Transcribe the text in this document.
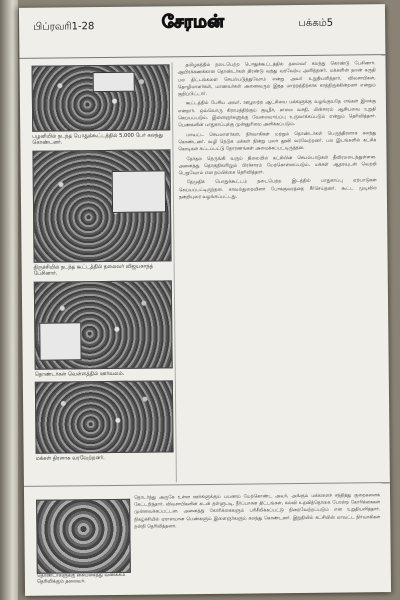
பிப்ரவரி1-28	சேரமன்	பக்கம்5
பழனியில் நடந்த பொதுக்கூட்டத்தில் 5,000 பேர் கலந்து கொண்டனர்.
திருச்சியில் நடந்த கூட்டத்தில் தலைவர் விஜயகாந்த் பேசினார்.
தொண்டர்கள் வெள்ளத்தில் ஊர்வலம்.
மக்கள் திரளாக வரவேற்றனர்.

தமிழகத்தில் நடைபெற்ற பொதுக்கூட்டத்தில் தலைவர் கலந்து கொண்டு பேசினார். ஆயிரக்கணக்கான தொண்டர்கள் திரண்டு வந்து வரவேற்பு அளித்தனர். மக்களின் நலன் கருதி பல திட்டங்களை செயல்படுத்துவோம் என்று அவர் உறுதியளித்தார். விவசாயிகள், தொழிலாளர்கள், மாணவர்கள் அனைவரும் இந்த மாற்றத்திற்காக காத்திருக்கின்றனர் என்றும் குறிப்பிட்டார்.

கூட்டத்தில் பேசிய அவர், ஊழலற்ற ஆட்சியை மக்களுக்கு வழங்குவதே எங்கள் இலக்கு என்றார். ஒவ்வொரு கிராமத்திற்கும் குடிநீர், சாலை வசதி, மின்சாரம் ஆகியவை உறுதி செய்யப்படும். இளைஞர்களுக்கு வேலைவாய்ப்பு உருவாக்கப்படும் என்றும் தெரிவித்தார். பெண்களின் பாதுகாப்புக்கு முன்னுரிமை அளிக்கப்படும்.

மாவட்ட செயலாளர்கள், நிர்வாகிகள் மற்றும் தொண்டர்கள் பெருந்திரளாக கலந்து கொண்டனர். வழி நெடுக மக்கள் நின்று மலர் தூவி வரவேற்றனர். பல இடங்களில் கட்சிக் கொடிகள் கட்டப்பட்டு தோரணங்கள் அமைக்கப்பட்டிருந்தன.

தேர்தல் நெருங்கி வரும் நிலையில் கட்சியின் செயல்பாடுகள் தீவிரமடைந்துள்ளன. அனைத்து தொகுதிகளிலும் பிரச்சாரம் மேற்கொள்ளப்படும். மக்கள் ஆதரவுடன் வெற்றி பெறுவோம் என நம்பிக்கை தெரிவித்தார்.

தேமுதிக பொதுக்கூட்டம் நடைபெற்ற இடத்தில் பாதுகாப்பு ஏற்பாடுகள் செய்யப்பட்டிருந்தன. காவல்துறையினர் போக்குவரத்தை சீர்செய்தனர். கூட்ட முடிவில் நன்றியுரை வழங்கப்பட்டது.

தொண்டர்களுக்கு கையசைத்து வணக்கம் தெரிவிக்கும் தலைவர்.
தொடர்ந்து அருகே உள்ள ஊர்களுக்கும் பயணம் மேற்கொண்ட அவர், அங்கும் மக்களைச் சந்தித்து குறைகளைக் கேட்டறிந்தார். விவசாயிகளின் கடன் தள்ளுபடி, நீர்ப்பாசன திட்டங்கள், கல்வி உதவித்தொகை போன்ற கோரிக்கைகள் முன்வைக்கப்பட்டன. அனைத்து கோரிக்கைகளும் பரிசீலிக்கப்பட்டு நிறைவேற்றப்படும் என உறுதியளித்தார். நிகழ்ச்சியில் ஏராளமான பெண்களும் இளைஞர்களும் கலந்து கொண்டனர். இறுதியில் கட்சியின் மாவட்ட நிர்வாகிகள் நன்றி தெரிவித்தனர்.
